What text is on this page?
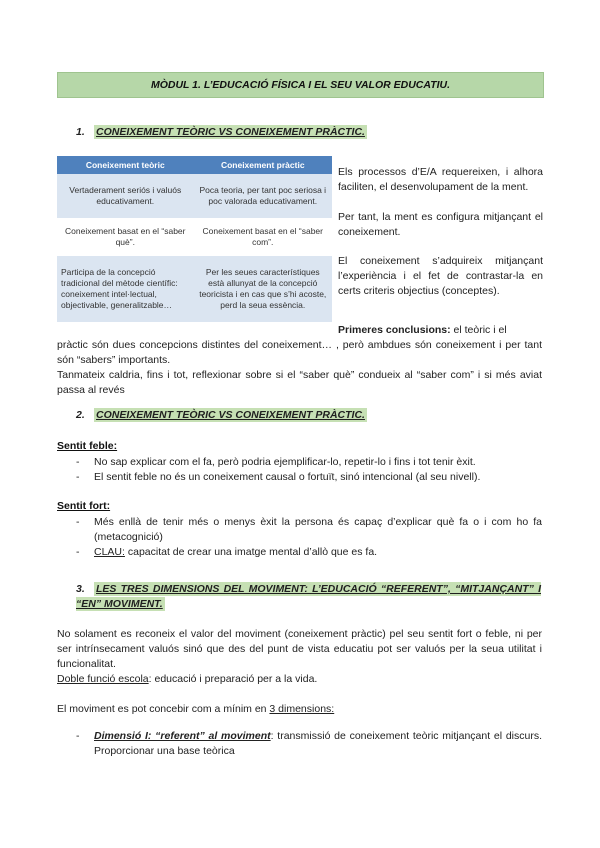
MÒDUL 1. L’EDUCACIÓ FÍSICA I EL SEU VALOR EDUCATIU.
1. CONEIXEMENT TEÒRIC VS CONEIXEMENT PRÀCTIC.
Coneixement teòric	Coneixement pràctic
Vertaderament seriós i valuós educativament.	Poca teoria, per tant poc seriosa i poc valorada educativament.
Coneixement basat en el “saber què”.	Coneixement basat en el “saber com”.
Participa de la concepció tradicional del mètode científic: coneixement intel·lectual, objectivable, generalitzable…	Per les seues característiques està allunyat de la concepció teoricista i en cas que s’hi acoste, perd la seua essència.
Els processos d’E/A requereixen, i alhora faciliten, el desenvolupament de la ment.
Per tant, la ment es configura mitjançant el coneixement.
El coneixement s’adquireix mitjançant l’experiència i el fet de contrastar-la en certs criteris objectius (conceptes).
Primeres conclusions: el teòric i el
pràctic són dues concepcions distintes del coneixement… , però ambdues són coneixement i per tant són “sabers” importants.
Tanmateix caldria, fins i tot, reflexionar sobre si el “saber què” condueix al “saber com” i si més aviat passa al revés
2. CONEIXEMENT TEÒRIC VS CONEIXEMENT PRÀCTIC.
Sentit feble:
- No sap explicar com el fa, però podria ejemplificar-lo, repetir-lo i fins i tot tenir èxit.
- El sentit feble no és un coneixement causal o fortuït, sinó intencional (al seu nivell).
Sentit fort:
- Més enllà de tenir més o menys èxit la persona és capaç d’explicar què fa o i com ho fa (metacognició)
- CLAU: capacitat de crear una imatge mental d’allò que es fa.
3. LES TRES DIMENSIONS DEL MOVIMENT: L’EDUCACIÓ “REFERENT”, “MITJANÇANT” I “EN” MOVIMENT.
No solament es reconeix el valor del moviment (coneixement pràctic) pel seu sentit fort o feble, ni per ser intrínsecament valuós sinó que des del punt de vista educatiu pot ser valuós per la seua utilitat i funcionalitat.
Doble funció escola: educació i preparació per a la vida.
El moviment es pot concebir com a mínim en 3 dimensions:
- Dimensió I: “referent” al moviment: transmissió de coneixement teòric mitjançant el discurs. Proporcionar una base teòrica
